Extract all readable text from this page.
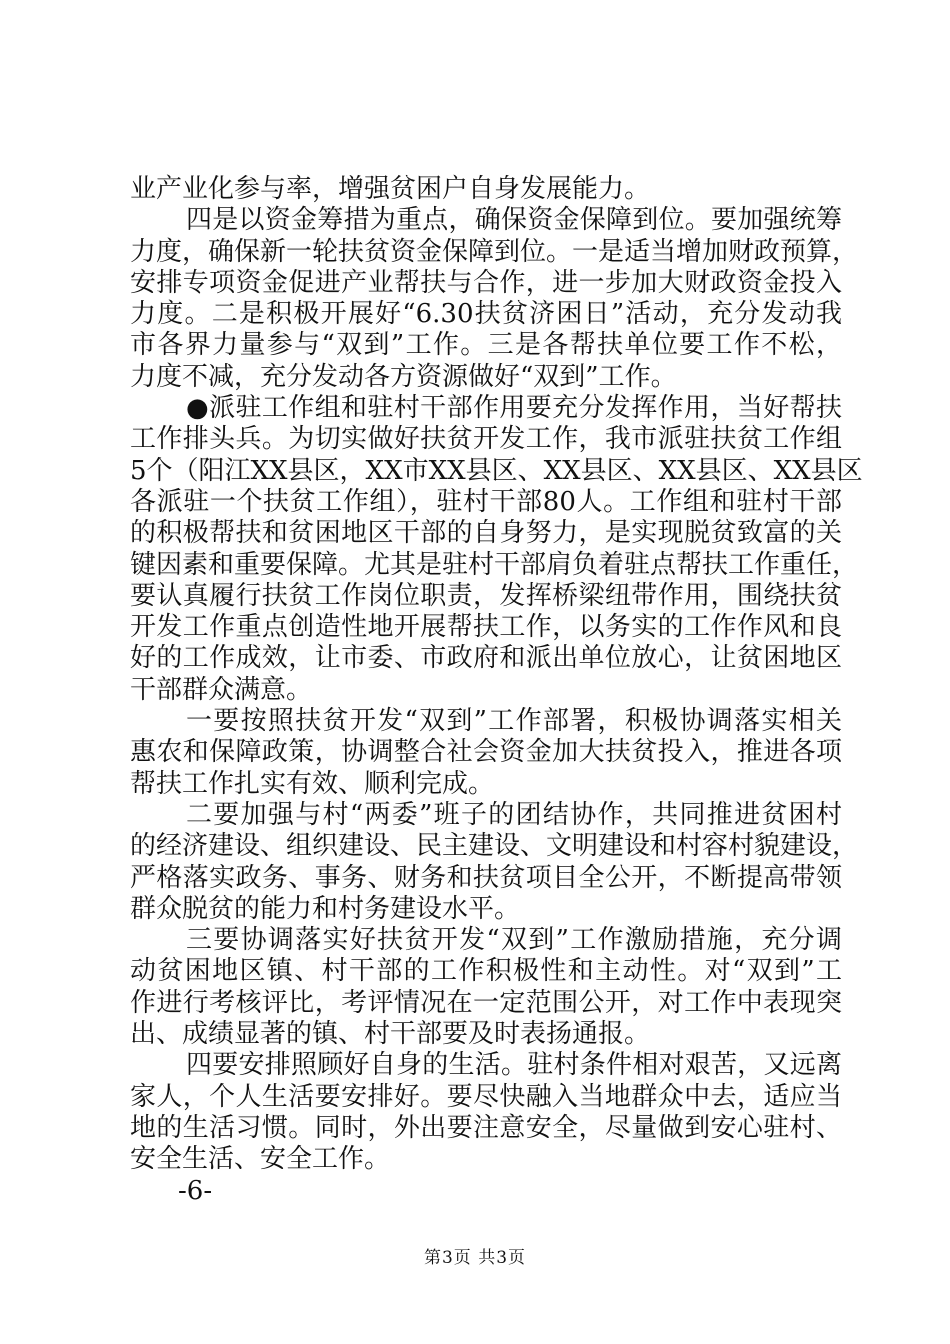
业产业化参与率，增强贫困户自身发展能力。
四是以资金筹措为重点，确保资金保障到位。要加强统筹
力度，确保新一轮扶贫资金保障到位。一是适当增加财政预算，
安排专项资金促进产业帮扶与合作，进一步加大财政资金投入
力度。二是积极开展好“6.30扶贫济困日”活动，充分发动我
市各界力量参与“双到”工作。三是各帮扶单位要工作不松，
力度不减，充分发动各方资源做好“双到”工作。
●派驻工作组和驻村干部作用要充分发挥作用，当好帮扶
工作排头兵。为切实做好扶贫开发工作，我市派驻扶贫工作组
5个（阳江XX县区，XX市XX县区、XX县区、XX县区、XX县区
各派驻一个扶贫工作组），驻村干部80人。工作组和驻村干部
的积极帮扶和贫困地区干部的自身努力，是实现脱贫致富的关
键因素和重要保障。尤其是驻村干部肩负着驻点帮扶工作重任，
要认真履行扶贫工作岗位职责，发挥桥梁纽带作用，围绕扶贫
开发工作重点创造性地开展帮扶工作，以务实的工作作风和良
好的工作成效，让市委、市政府和派出单位放心，让贫困地区
干部群众满意。
一要按照扶贫开发“双到”工作部署，积极协调落实相关
惠农和保障政策，协调整合社会资金加大扶贫投入，推进各项
帮扶工作扎实有效、顺利完成。
二要加强与村“两委”班子的团结协作，共同推进贫困村
的经济建设、组织建设、民主建设、文明建设和村容村貌建设，
严格落实政务、事务、财务和扶贫项目全公开，不断提高带领
群众脱贫的能力和村务建设水平。
三要协调落实好扶贫开发“双到”工作激励措施，充分调
动贫困地区镇、村干部的工作积极性和主动性。对“双到”工
作进行考核评比，考评情况在一定范围公开，对工作中表现突
出、成绩显著的镇、村干部要及时表扬通报。
四要安排照顾好自身的生活。驻村条件相对艰苦，又远离
家人，个人生活要安排好。要尽快融入当地群众中去，适应当
地的生活习惯。同时，外出要注意安全，尽量做到安心驻村、
安全生活、安全工作。
-6-
第3页 共3页
